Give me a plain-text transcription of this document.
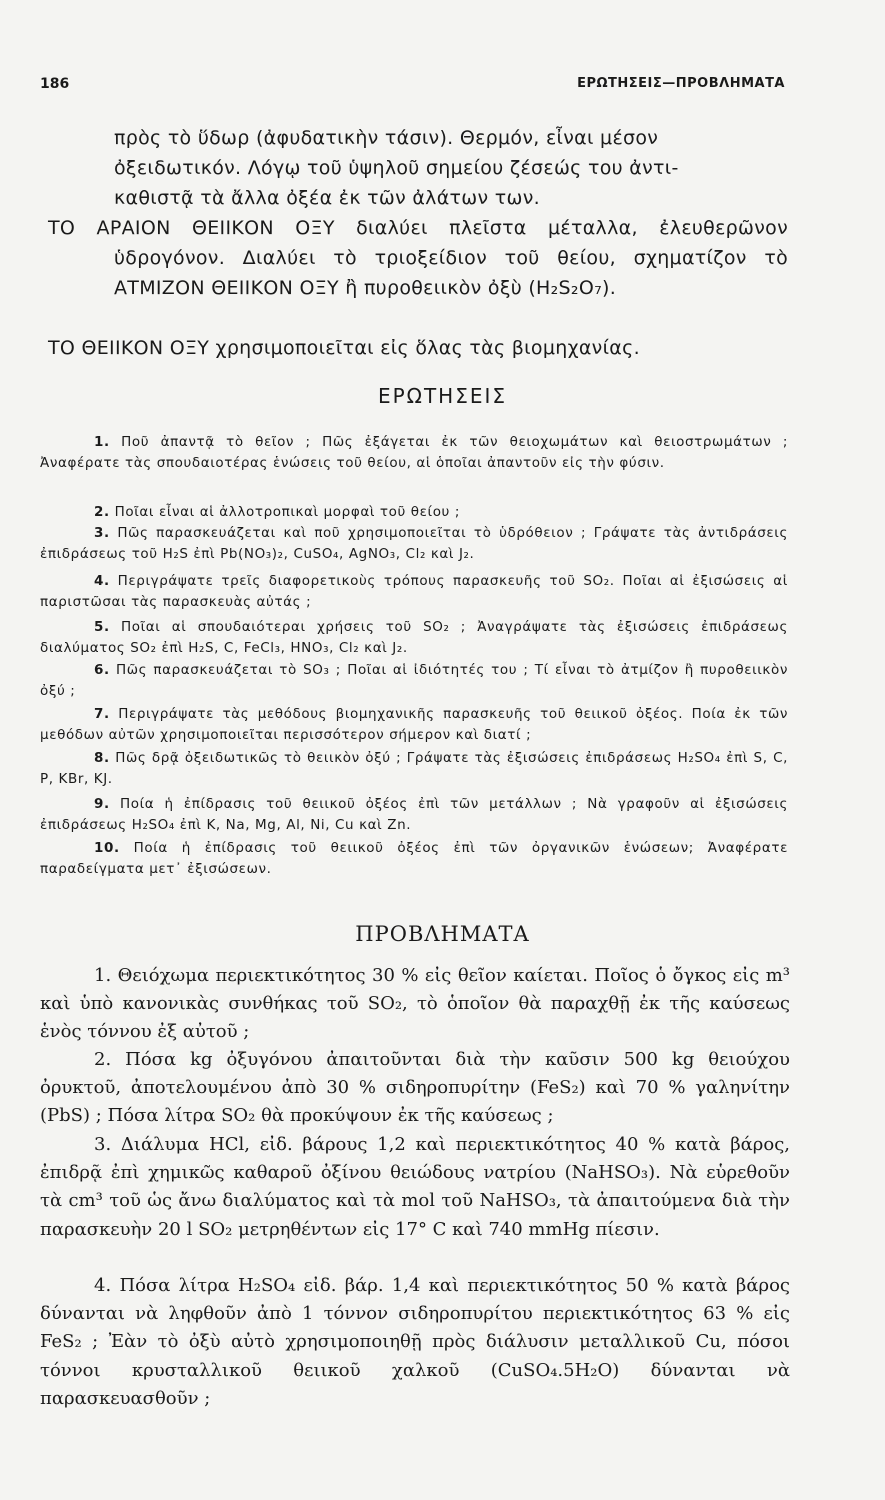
186	ΕΡΩΤΗΣΕΙΣ—ΠΡΟΒΛΗΜΑΤΑ
πρὸς τὸ ὕδωρ (ἀφυδατικὴν τάσιν). Θερμόν, εἶναι μέσον
ὀξειδωτικόν. Λόγῳ τοῦ ὑψηλοῦ σημείου ζέσεώς του ἀντι-
καθιστᾷ τὰ ἄλλα ὀξέα ἐκ τῶν ἀλάτων των.
ΤΟ ΑΡΑΙΟΝ ΘΕΙΙΚΟΝ ΟΞΥ διαλύει πλεῖστα μέταλλα, ἐλευθερῶνον ὑδρογόνον. Διαλύει τὸ τριοξείδιον τοῦ θείου, σχηματίζον τὸ ΑΤΜΙΖΟΝ ΘΕΙΙΚΟΝ ΟΞΥ ἢ πυροθειικὸν ὀξὺ (H₂S₂O₇).
ΤΟ ΘΕΙΙΚΟΝ ΟΞΥ χρησιμοποιεῖται εἰς ὅλας τὰς βιομηχανίας.
ΕΡΩΤΗΣΕΙΣ
1. Ποῦ ἀπαντᾷ τὸ θεῖον ; Πῶς ἐξάγεται ἐκ τῶν θειοχωμάτων καὶ θειοστρωμάτων ; Ἀναφέρατε τὰς σπουδαιοτέρας ἑνώσεις τοῦ θείου, αἱ ὁποῖαι ἀπαντοῦν εἰς τὴν φύσιν.
2. Ποῖαι εἶναι αἱ ἀλλοτροπικαὶ μορφαὶ τοῦ θείου ;
3. Πῶς παρασκευάζεται καὶ ποῦ χρησιμοποιεῖται τὸ ὑδρόθειον ; Γράψατε τὰς ἀντιδράσεις ἐπιδράσεως τοῦ H₂S ἐπὶ Pb(NO₃)₂, CuSO₄, AgNO₃, Cl₂ καὶ J₂.
4. Περιγράψατε τρεῖς διαφορετικοὺς τρόπους παρασκευῆς τοῦ SO₂. Ποῖαι αἱ ἐξισώσεις αἱ παριστῶσαι τὰς παρασκευὰς αὐτάς ;
5. Ποῖαι αἱ σπουδαιότεραι χρήσεις τοῦ SO₂ ; Ἀναγράψατε τὰς ἐξισώσεις ἐπιδράσεως διαλύματος SO₂ ἐπὶ H₂S, C, FeCl₃, HNO₃, Cl₂ καὶ J₂.
6. Πῶς παρασκευάζεται τὸ SO₃ ; Ποῖαι αἱ ἰδιότητές του ; Τί εἶναι τὸ ἀτμίζον ἢ πυροθειικὸν ὀξύ ;
7. Περιγράψατε τὰς μεθόδους βιομηχανικῆς παρασκευῆς τοῦ θειικοῦ ὀξέος. Ποία ἐκ τῶν μεθόδων αὐτῶν χρησιμοποιεῖται περισσότερον σήμερον καὶ διατί ;
8. Πῶς δρᾷ ὀξειδωτικῶς τὸ θειικὸν ὀξύ ; Γράψατε τὰς ἐξισώσεις ἐπιδράσεως H₂SO₄ ἐπὶ S, C, P, KBr, KJ.
9. Ποία ἡ ἐπίδρασις τοῦ θειικοῦ ὀξέος ἐπὶ τῶν μετάλλων ; Νὰ γραφοῦν αἱ ἐξισώσεις ἐπιδράσεως H₂SO₄ ἐπὶ K, Na, Mg, Al, Ni, Cu καὶ Zn.
10. Ποία ἡ ἐπίδρασις τοῦ θειικοῦ ὀξέος ἐπὶ τῶν ὀργανικῶν ἑνώσεων; Ἀναφέρατε παραδείγματα μετ᾽ ἐξισώσεων.
ΠΡΟΒΛΗΜΑΤΑ
1. Θειόχωμα περιεκτικότητος 30 % εἰς θεῖον καίεται. Ποῖος ὁ ὄγκος εἰς m³ καὶ ὑπὸ κανονικὰς συνθήκας τοῦ SO₂, τὸ ὁποῖον θὰ παραχθῇ ἐκ τῆς καύσεως ἑνὸς τόννου ἐξ αὐτοῦ ;
2. Πόσα kg ὀξυγόνου ἀπαιτοῦνται διὰ τὴν καῦσιν 500 kg θειούχου ὀρυκτοῦ, ἀποτελουμένου ἀπὸ 30 % σιδηροπυρίτην (FeS₂) καὶ 70 % γαληνίτην (PbS) ; Πόσα λίτρα SO₂ θὰ προκύψουν ἐκ τῆς καύσεως ;
3. Διάλυμα HCl, εἰδ. βάρους 1,2 καὶ περιεκτικότητος 40 % κατὰ βάρος, ἐπιδρᾷ ἐπὶ χημικῶς καθαροῦ ὀξίνου θειώδους νατρίου (NaHSO₃). Νὰ εὑρεθοῦν τὰ cm³ τοῦ ὡς ἄνω διαλύματος καὶ τὰ mol τοῦ NaHSO₃, τὰ ἀπαιτούμενα διὰ τὴν παρασκευὴν 20 l SO₂ μετρηθέντων εἰς 17° C καὶ 740 mmHg πίεσιν.
4. Πόσα λίτρα H₂SO₄ εἰδ. βάρ. 1,4 καὶ περιεκτικότητος 50 % κατὰ βάρος δύνανται νὰ ληφθοῦν ἀπὸ 1 τόννον σιδηροπυρίτου περιεκτικότητος 63 % εἰς FeS₂ ; Ἐὰν τὸ ὀξὺ αὐτὸ χρησιμοποιηθῇ πρὸς διάλυσιν μεταλλικοῦ Cu, πόσοι τόννοι κρυσταλλικοῦ θειικοῦ χαλκοῦ (CuSO₄.5H₂O) δύνανται νὰ παρασκευασθοῦν ;
